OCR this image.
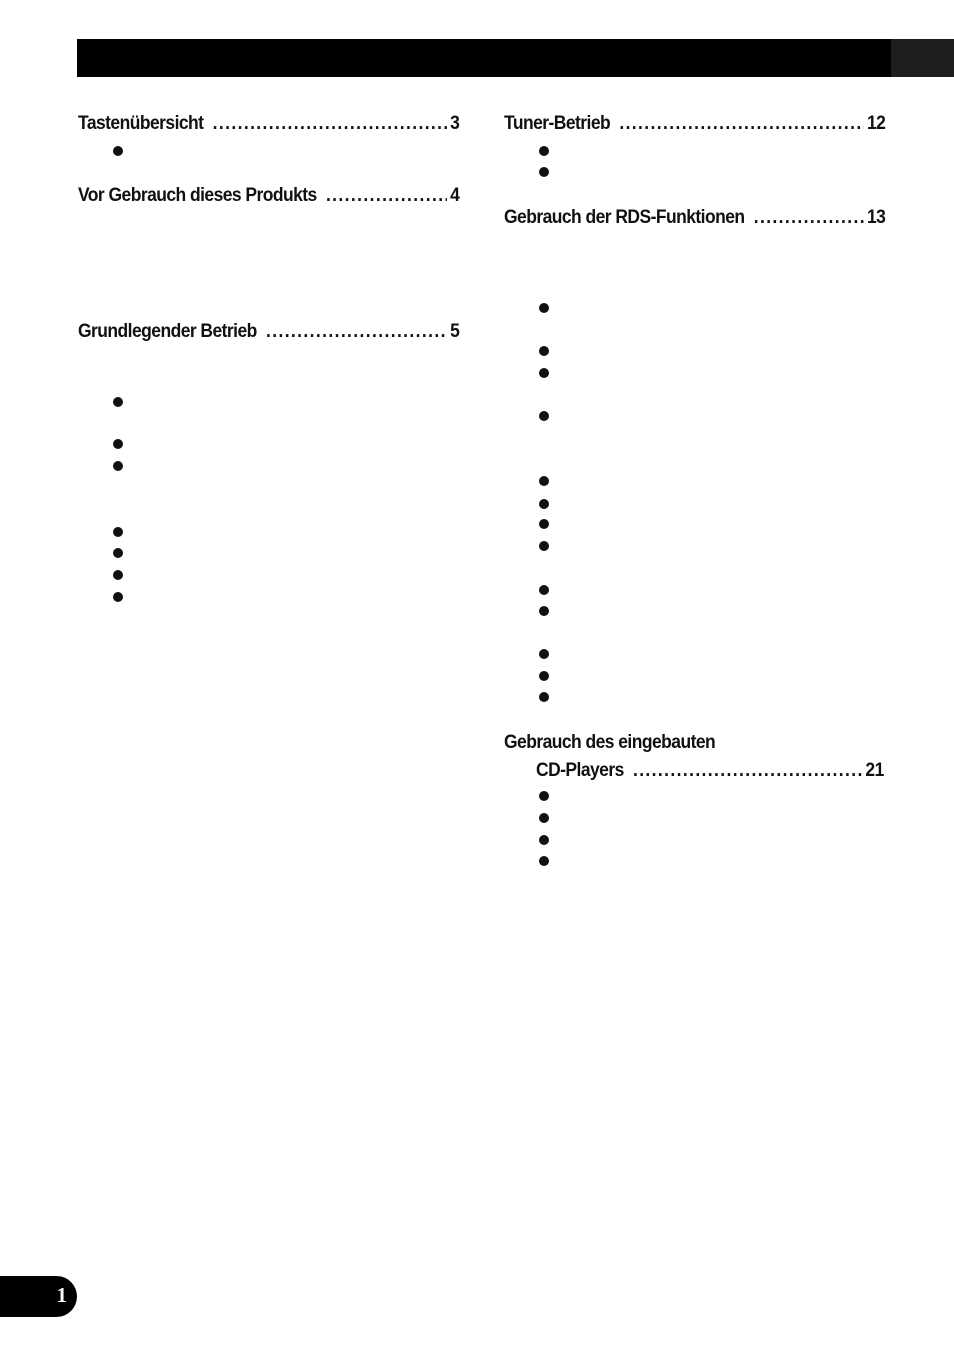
Tastenübersicht .....	3
Vor Gebrauch dieses Produkts .....	4
Grundlegender Betrieb .....	5
Tuner-Betrieb .....	12
Gebrauch der RDS-Funktionen .....	13
Gebrauch des eingebauten
CD-Players .....	21
1
